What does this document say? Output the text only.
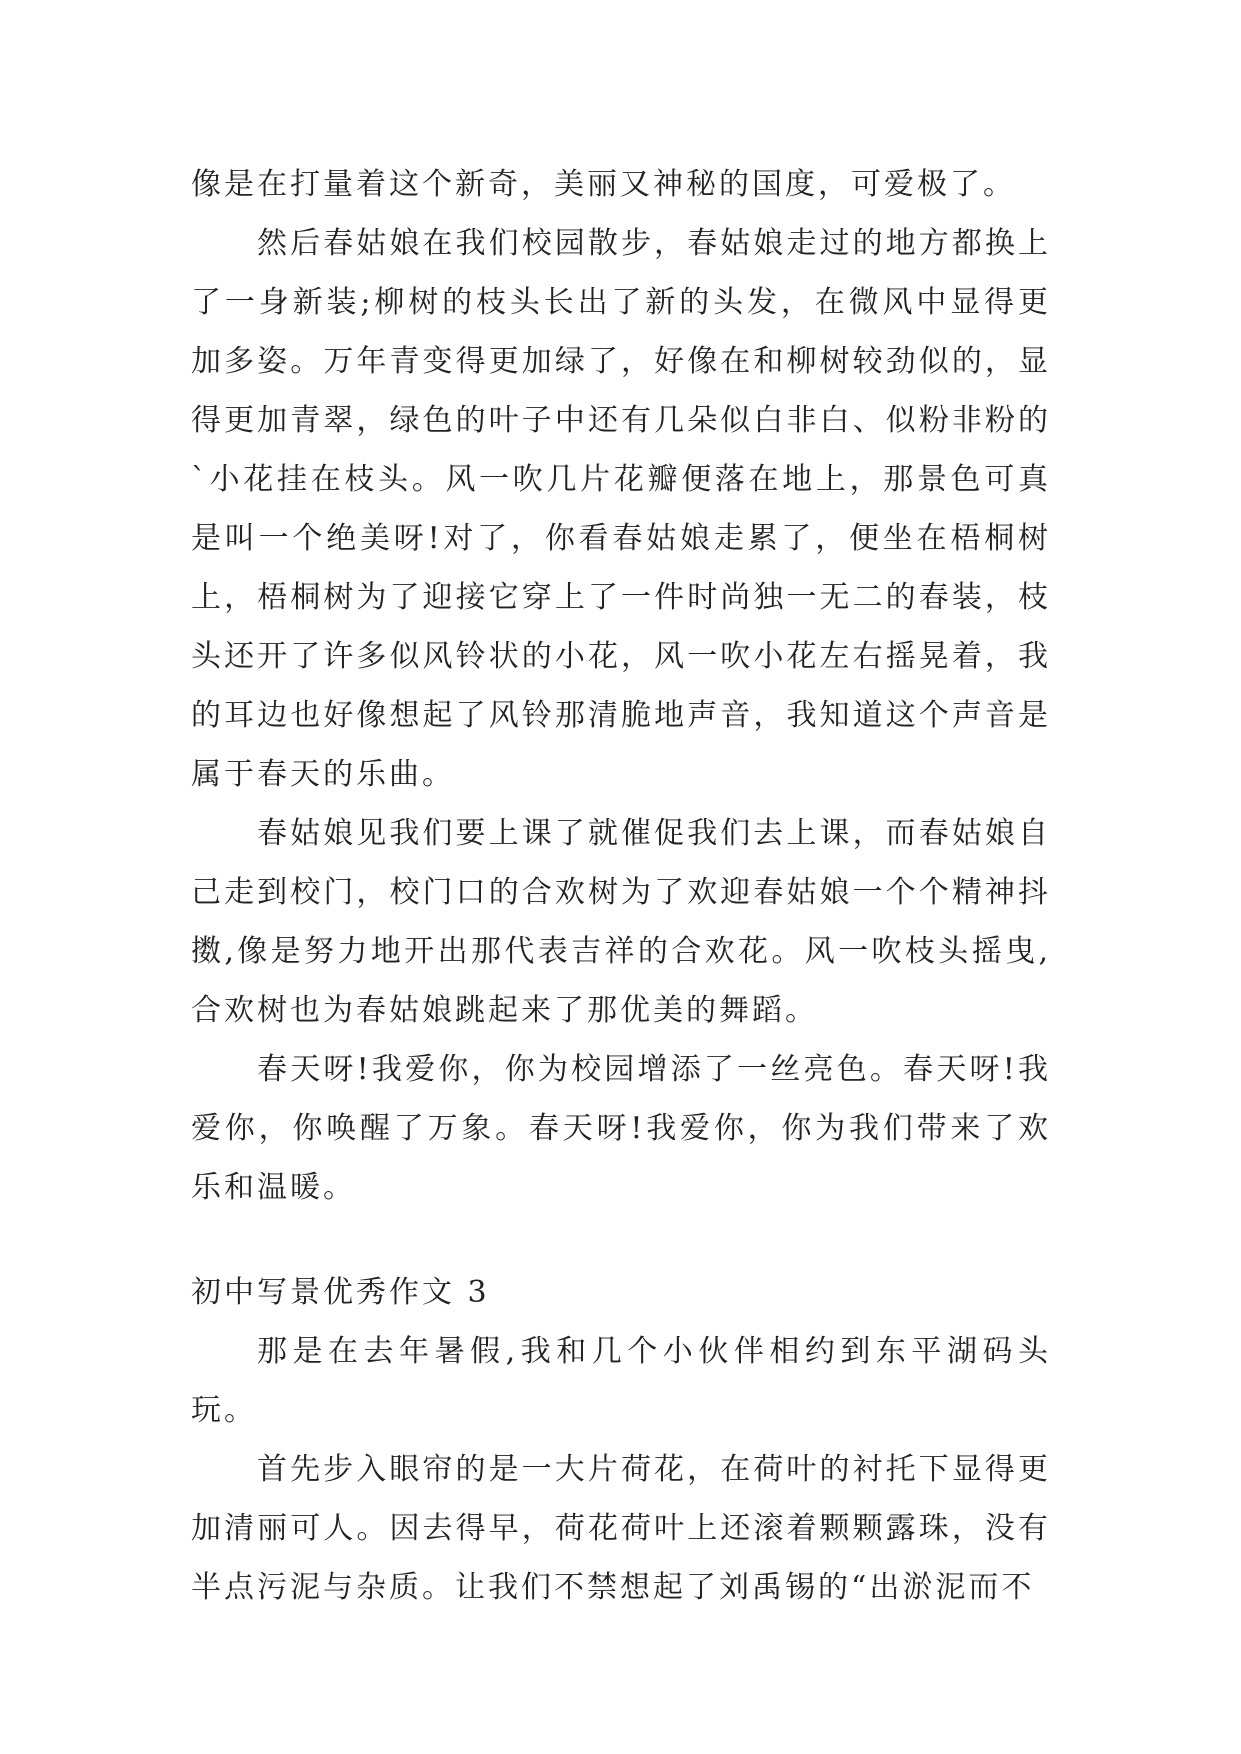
像是在打量着这个新奇，美丽又神秘的国度，可爱极了。

然后春姑娘在我们校园散步，春姑娘走过的地方都换上了一身新装;柳树的枝头长出了新的头发，在微风中显得更加多姿。万年青变得更加绿了，好像在和柳树较劲似的，显得更加青翠，绿色的叶子中还有几朵似白非白、似粉非粉的`小花挂在枝头。风一吹几片花瓣便落在地上，那景色可真是叫一个绝美呀!对了，你看春姑娘走累了，便坐在梧桐树上，梧桐树为了迎接它穿上了一件时尚独一无二的春装，枝头还开了许多似风铃状的小花，风一吹小花左右摇晃着，我的耳边也好像想起了风铃那清脆地声音，我知道这个声音是属于春天的乐曲。

春姑娘见我们要上课了就催促我们去上课，而春姑娘自己走到校门，校门口的合欢树为了欢迎春姑娘一个个精神抖擞,像是努力地开出那代表吉祥的合欢花。风一吹枝头摇曳,合欢树也为春姑娘跳起来了那优美的舞蹈。

春天呀!我爱你，你为校园增添了一丝亮色。春天呀!我爱你，你唤醒了万象。春天呀!我爱你，你为我们带来了欢乐和温暖。

初中写景优秀作文 3

那是在去年暑假,我和几个小伙伴相约到东平湖码头玩。

首先步入眼帘的是一大片荷花，在荷叶的衬托下显得更加清丽可人。因去得早，荷花荷叶上还滚着颗颗露珠，没有半点污泥与杂质。让我们不禁想起了刘禹锡的“出淤泥而不
